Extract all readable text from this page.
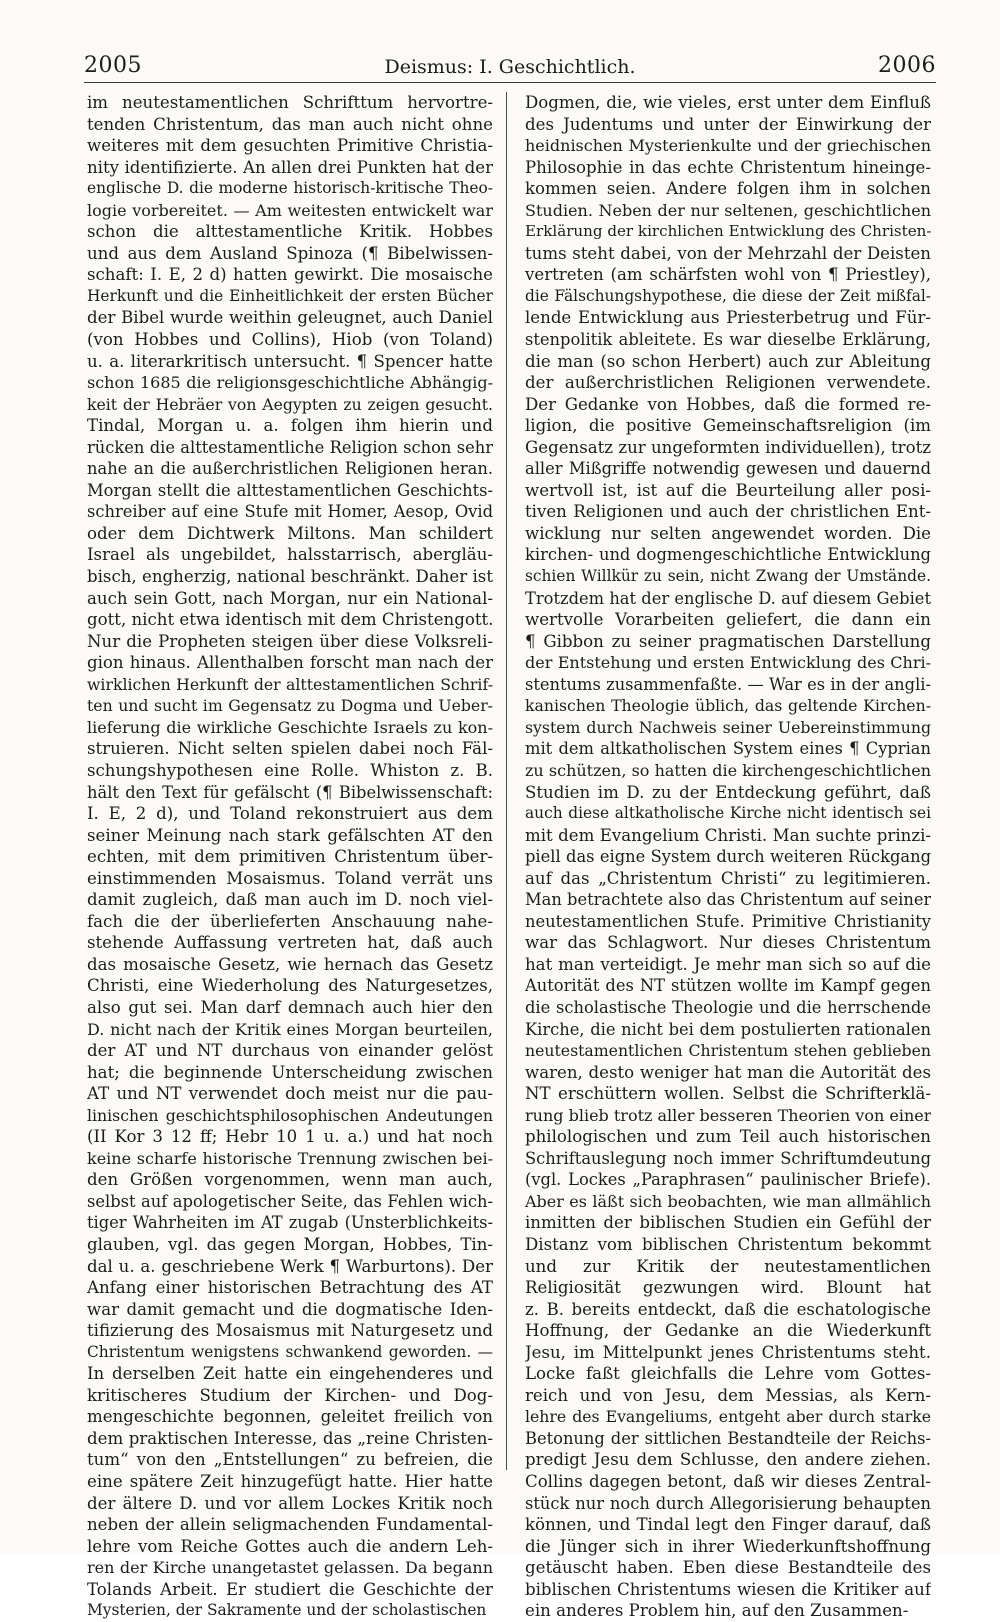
2005	Deismus: I. Geschichtlich.	2006
im neutestamentlichen Schrifttum hervortre-
tenden Christentum, das man auch nicht ohne
weiteres mit dem gesuchten Primitive Christia-
nity identifizierte. An allen drei Punkten hat der
englische D. die moderne historisch-kritische Theo-
logie vorbereitet. — Am weitesten entwickelt war
schon die alttestamentliche Kritik. Hobbes
und aus dem Ausland Spinoza (¶ Bibelwissen-
schaft: I. E, 2 d) hatten gewirkt. Die mosaische
Herkunft und die Einheitlichkeit der ersten Bücher
der Bibel wurde weithin geleugnet, auch Daniel
(von Hobbes und Collins), Hiob (von Toland)
u. a. literarkritisch untersucht. ¶ Spencer hatte
schon 1685 die religionsgeschichtliche Abhängig-
keit der Hebräer von Aegypten zu zeigen gesucht.
Tindal, Morgan u. a. folgen ihm hierin und
rücken die alttestamentliche Religion schon sehr
nahe an die außerchristlichen Religionen heran.
Morgan stellt die alttestamentlichen Geschichts-
schreiber auf eine Stufe mit Homer, Aesop, Ovid
oder dem Dichtwerk Miltons. Man schildert
Israel als ungebildet, halsstarrisch, abergläu-
bisch, engherzig, national beschränkt. Daher ist
auch sein Gott, nach Morgan, nur ein National-
gott, nicht etwa identisch mit dem Christengott.
Nur die Propheten steigen über diese Volksreli-
gion hinaus. Allenthalben forscht man nach der
wirklichen Herkunft der alttestamentlichen Schrif-
ten und sucht im Gegensatz zu Dogma und Ueber-
lieferung die wirkliche Geschichte Israels zu kon-
struieren. Nicht selten spielen dabei noch Fäl-
schungshypothesen eine Rolle. Whiston z. B.
hält den Text für gefälscht (¶ Bibelwissenschaft:
I. E, 2 d), und Toland rekonstruiert aus dem
seiner Meinung nach stark gefälschten AT den
echten, mit dem primitiven Christentum über-
einstimmenden Mosaismus. Toland verrät uns
damit zugleich, daß man auch im D. noch viel-
fach die der überlieferten Anschauung nahe-
stehende Auffassung vertreten hat, daß auch
das mosaische Gesetz, wie hernach das Gesetz
Christi, eine Wiederholung des Naturgesetzes,
also gut sei. Man darf demnach auch hier den
D. nicht nach der Kritik eines Morgan beurteilen,
der AT und NT durchaus von einander gelöst
hat; die beginnende Unterscheidung zwischen
AT und NT verwendet doch meist nur die pau-
linischen geschichtsphilosophischen Andeutungen
(II Kor 3 12 ff; Hebr 10 1 u. a.) und hat noch
keine scharfe historische Trennung zwischen bei-
den Größen vorgenommen, wenn man auch,
selbst auf apologetischer Seite, das Fehlen wich-
tiger Wahrheiten im AT zugab (Unsterblichkeits-
glauben, vgl. das gegen Morgan, Hobbes, Tin-
dal u. a. geschriebene Werk ¶ Warburtons). Der
Anfang einer historischen Betrachtung des AT
war damit gemacht und die dogmatische Iden-
tifizierung des Mosaismus mit Naturgesetz und
Christentum wenigstens schwankend geworden. —
In derselben Zeit hatte ein eingehenderes und
kritischeres Studium der Kirchen- und Dog-
mengeschichte begonnen, geleitet freilich von
dem praktischen Interesse, das „reine Christen-
tum“ von den „Entstellungen“ zu befreien, die
eine spätere Zeit hinzugefügt hatte. Hier hatte
der ältere D. und vor allem Lockes Kritik noch
neben der allein seligmachenden Fundamental-
lehre vom Reiche Gottes auch die andern Leh-
ren der Kirche unangetastet gelassen. Da begann
Tolands Arbeit. Er studiert die Geschichte der
Mysterien, der Sakramente und der scholastischen
Dogmen, die, wie vieles, erst unter dem Einfluß
des Judentums und unter der Einwirkung der
heidnischen Mysterienkulte und der griechischen
Philosophie in das echte Christentum hineinge-
kommen seien. Andere folgen ihm in solchen
Studien. Neben der nur seltenen, geschichtlichen
Erklärung der kirchlichen Entwicklung des Christen-
tums steht dabei, von der Mehrzahl der Deisten
vertreten (am schärfsten wohl von ¶ Priestley),
die Fälschungshypothese, die diese der Zeit mißfal-
lende Entwicklung aus Priesterbetrug und Für-
stenpolitik ableitete. Es war dieselbe Erklärung,
die man (so schon Herbert) auch zur Ableitung
der außerchristlichen Religionen verwendete.
Der Gedanke von Hobbes, daß die formed re-
ligion, die positive Gemeinschaftsreligion (im
Gegensatz zur ungeformten individuellen), trotz
aller Mißgriffe notwendig gewesen und dauernd
wertvoll ist, ist auf die Beurteilung aller posi-
tiven Religionen und auch der christlichen Ent-
wicklung nur selten angewendet worden. Die
kirchen- und dogmengeschichtliche Entwicklung
schien Willkür zu sein, nicht Zwang der Umstände.
Trotzdem hat der englische D. auf diesem Gebiet
wertvolle Vorarbeiten geliefert, die dann ein
¶ Gibbon zu seiner pragmatischen Darstellung
der Entstehung und ersten Entwicklung des Chri-
stentums zusammenfaßte. — War es in der angli-
kanischen Theologie üblich, das geltende Kirchen-
system durch Nachweis seiner Uebereinstimmung
mit dem altkatholischen System eines ¶ Cyprian
zu schützen, so hatten die kirchengeschichtlichen
Studien im D. zu der Entdeckung geführt, daß
auch diese altkatholische Kirche nicht identisch sei
mit dem Evangelium Christi. Man suchte prinzi-
piell das eigne System durch weiteren Rückgang
auf das „Christentum Christi“ zu legitimieren.
Man betrachtete also das Christentum auf seiner
neutestamentlichen Stufe. Primitive Christianity
war das Schlagwort. Nur dieses Christentum
hat man verteidigt. Je mehr man sich so auf die
Autorität des NT stützen wollte im Kampf gegen
die scholastische Theologie und die herrschende
Kirche, die nicht bei dem postulierten rationalen
neutestamentlichen Christentum stehen geblieben
waren, desto weniger hat man die Autorität des
NT erschüttern wollen. Selbst die Schrifterklä-
rung blieb trotz aller besseren Theorien von einer
philologischen und zum Teil auch historischen
Schriftauslegung noch immer Schriftumdeutung
(vgl. Lockes „Paraphrasen“ paulinischer Briefe).
Aber es läßt sich beobachten, wie man allmählich
inmitten der biblischen Studien ein Gefühl der
Distanz vom biblischen Christentum bekommt
und zur Kritik der neutestamentlichen
Religiosität gezwungen wird. Blount hat
z. B. bereits entdeckt, daß die eschatologische
Hoffnung, der Gedanke an die Wiederkunft
Jesu, im Mittelpunkt jenes Christentums steht.
Locke faßt gleichfalls die Lehre vom Gottes-
reich und von Jesu, dem Messias, als Kern-
lehre des Evangeliums, entgeht aber durch starke
Betonung der sittlichen Bestandteile der Reichs-
predigt Jesu dem Schlusse, den andere ziehen.
Collins dagegen betont, daß wir dieses Zentral-
stück nur noch durch Allegorisierung behaupten
können, und Tindal legt den Finger darauf, daß
die Jünger sich in ihrer Wiederkunftshoffnung
getäuscht haben. Eben diese Bestandteile des
biblischen Christentums wiesen die Kritiker auf
ein anderes Problem hin, auf den Zusammen-
